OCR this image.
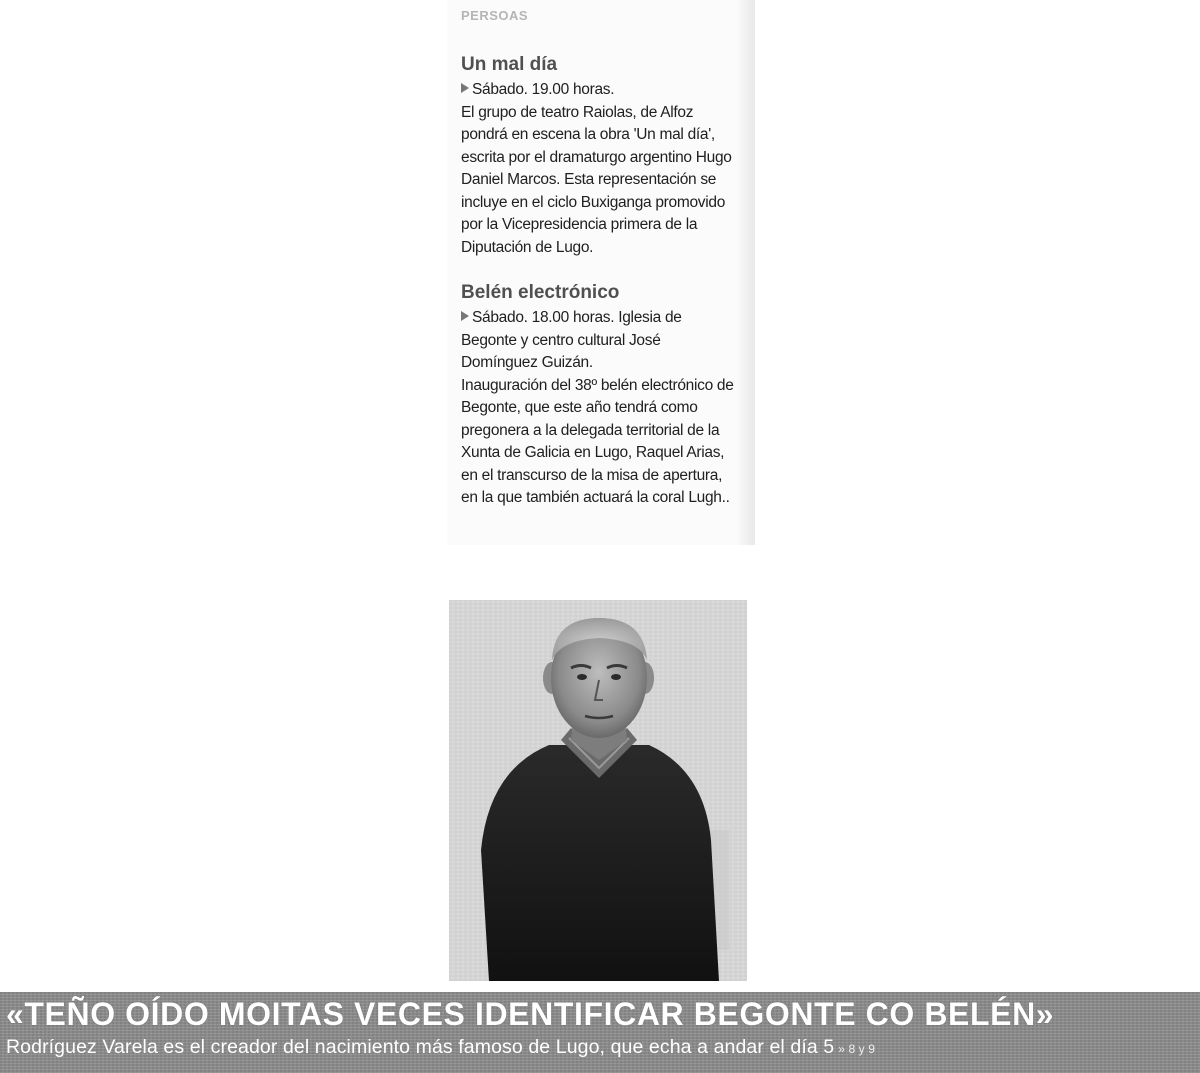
PERSOAS
Un mal día

Sábado. 19.00 horas.

El grupo de teatro Raiolas, de Alfoz pondrá en escena la obra 'Un mal día', escrita por el dramaturgo argentino Hugo Daniel Marcos. Esta representación se incluye en el ciclo Buxiganga promovido por la Vicepresidencia primera de la Diputación de Lugo.

Belén electrónico

Sábado. 18.00 horas. Iglesia de Begonte y centro cultural José Domínguez Guizán.

Inauguración del 38º belén electrónico de Begonte, que este año tendrá como pregonera a la delegada territorial de la Xunta de Galicia en Lugo, Raquel Arias, en el transcurso de la misa de apertura, en la que también actuará la coral Lugh..

«TEÑO OÍDO MOITAS VECES IDENTIFICAR BEGONTE CO BELÉN»

Rodríguez Varela es el creador del nacimiento más famoso de Lugo, que echa a andar el día 5 » 8 y 9
